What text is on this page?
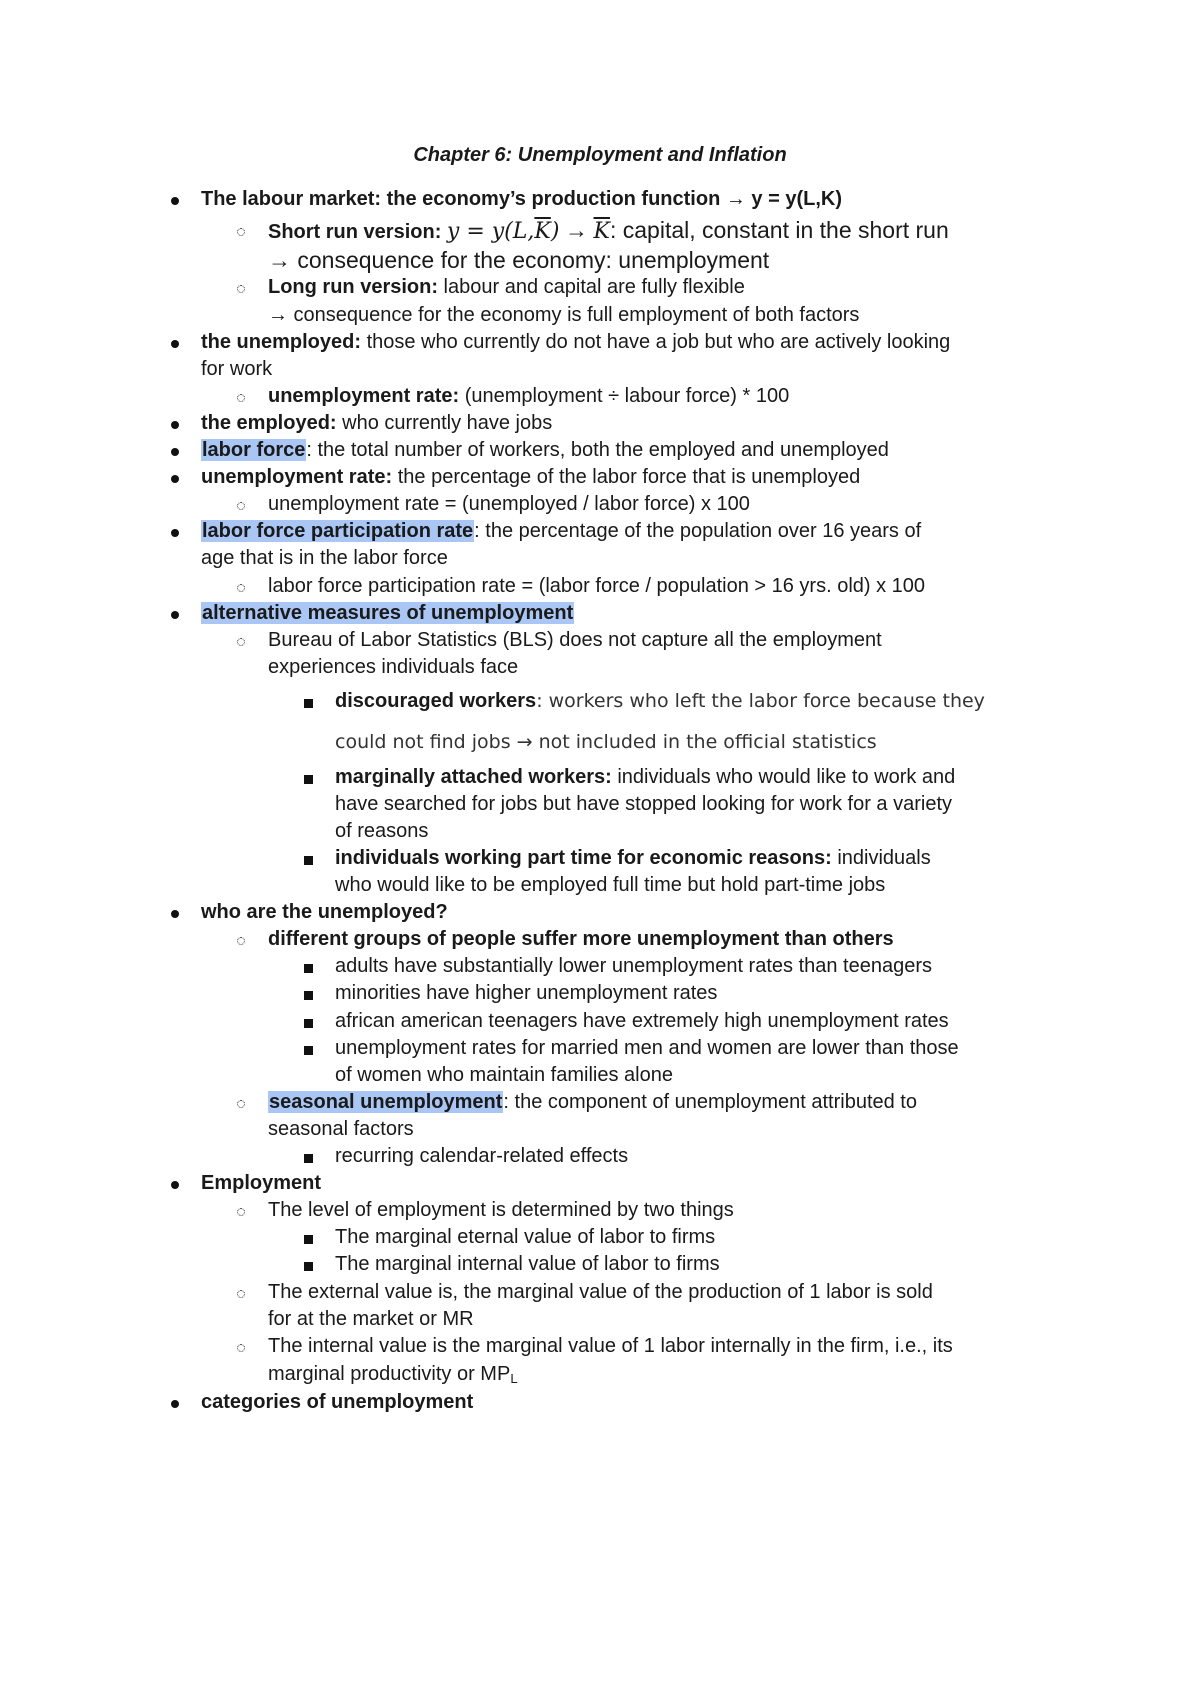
Chapter 6: Unemployment and Inflation
The labour market: the economy’s production function → y = y(L,K)
Short run version: $y = y(L,\overline{K}) \to \overline{K}$: capital, constant in the short run
→ consequence for the economy: unemployment
Long run version: labour and capital are fully flexible
→ consequence for the economy is full employment of both factors
the unemployed: those who currently do not have a job but who are actively looking
for work
unemployment rate: (unemployment ÷ labour force) * 100
the employed: who currently have jobs
labor force: the total number of workers, both the employed and unemployed
unemployment rate: the percentage of the labor force that is unemployed
unemployment rate = (unemployed / labor force) x 100
labor force participation rate: the percentage of the population over 16 years of
age that is in the labor force
labor force participation rate = (labor force / population > 16 yrs. old) x 100
alternative measures of unemployment
Bureau of Labor Statistics (BLS) does not capture all the employment
experiences individuals face
discouraged workers: workers who left the labor force because they
could not find jobs → not included in the official statistics
marginally attached workers: individuals who would like to work and
have searched for jobs but have stopped looking for work for a variety
of reasons
individuals working part time for economic reasons: individuals
who would like to be employed full time but hold part-time jobs
who are the unemployed?
different groups of people suffer more unemployment than others
adults have substantially lower unemployment rates than teenagers
minorities have higher unemployment rates
african american teenagers have extremely high unemployment rates
unemployment rates for married men and women are lower than those
of women who maintain families alone
seasonal unemployment: the component of unemployment attributed to
seasonal factors
recurring calendar-related effects
Employment
The level of employment is determined by two things
The marginal eternal value of labor to firms
The marginal internal value of labor to firms
The external value is, the marginal value of the production of 1 labor is sold
for at the market or MR
The internal value is the marginal value of 1 labor internally in the firm, i.e., its
marginal productivity or $MP_L$
categories of unemployment
